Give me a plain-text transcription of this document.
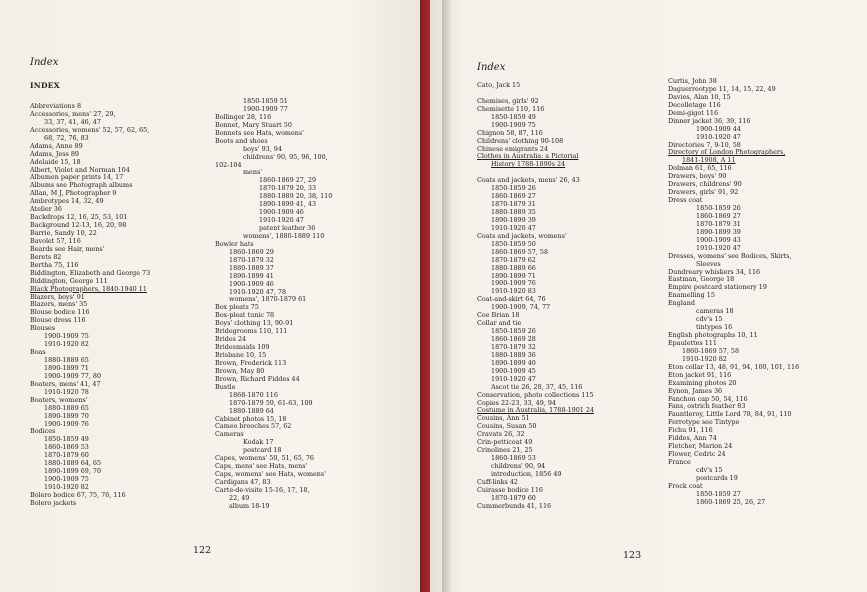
Index
INDEX
Abbreviations 8
Accessories, mens' 27, 29,
33, 37, 41, 46, 47
Accessories, womens' 52, 57, 62, 65,
68, 72, 76, 83
Adams, Anne 89
Adams, Jess 89
Adelaide 15, 18
Albert, Violet and Norman 104
Albumen paper prints 14, 17
Albums see Photograph albums
Allan, M J, Photographer 9
Ambrotypes 14, 32, 49
Atelier 36
Backdrops 12, 16, 25, 53, 101
Background 12-13, 16, 20, 98
Barrie, Sandy 10, 22
Bavolet 57, 116
Beards see Hair, mens'
Berets 82
Bertha 75, 116
Biddington, Elizabeth and George 73
Biddington, George 111
Black Photographers, 1840-1940 11
Blazers, boys' 91
Blazers, mens' 35
Blouse bodice 116
Blouse dress 116
Blouses
1900-1909 75
1910-1920 82
Boas
1880-1889 65
1890-1899 71
1900-1909 77, 80
Boaters, mens' 41, 47
1910-1920 78
Boaters, womens'
1880-1889 65
1890-1899 70
1900-1909 76
Bodices
1850-1859 49
1860-1869 53
1870-1879 60
1880-1889 64, 65
1890-1899 69, 70
1900-1909 75
1910-1920 82
Bolero bodice 67, 75, 76, 116
Bolero jackets
1850-1859 51
1900-1909 77
Bollinger 28, 116
Bonnet, Mary Stuart 50
Bonnets see Hats, womens'
Boots and shoes
boys' 93, 94
childrens' 90, 95, 96, 100,
102-104
mens'
1860-1869 27, 29
1870-1879 20, 33
1880-1889 20, 38, 110
1890-1899 41, 43
1900-1909 46
1910-1920 47
patent leather 36
womens', 1880-1889 110
Bowler hats
1860-1869 29
1870-1879 32
1880-1889 37
1890-1899 41
1900-1909 46
1910-1920 47, 78
womens', 1870-1879 61
Box pleats 75
Box-pleat tunic 78
Boys' clothing 13, 90-91
Bridegrooms 110, 111
Brides 24
Bridesmaids 109
Brisbane 10, 15
Brown, Frederick 113
Brown, May 80
Brown, Richard Fiddes 44
Bustle
1868-1870 116
1870-1879 59, 61-63, 109
1880-1889 64
Cabinet photos 15, 18
Cameo brooches 57, 62
Cameras
Kodak 17
postcard 18
Capes, womens' 50, 51, 65, 76
Caps, mens' see Hats, mens'
Caps, womens' see Hats, womens'
Cardigans 47, 83
Carte-de-visite 15-16, 17, 18,
22, 49
album 18-19
122
Index
Cato, Jack 15
Chemises, girls' 92
Chemisette 110, 116
1850-1859 49
1900-1909 75
Chignon 58, 87, 116
Childrens' clothing 90-108
Chinese emigrants 24
Clothes in Australia: a Pictorial
History 1788-1890s 24
Coats and jackets, mens' 26, 43
1850-1859 26
1860-1869 27
1870-1879 31
1880-1889 35
1890-1899 39
1910-1920 47
Coats and jackets, womens'
1850-1859 50
1860-1869 57, 58
1870-1879 62
1880-1889 66
1890-1899 71
1900-1909 76
1910-1920 83
Coat-and-skirt 64, 76
1900-1909, 74, 77
Coe Brian 18
Collar and tie
1850-1859 26
1860-1869 28
1870-1879 32
1880-1889 36
1890-1899 40
1900-1909 45
1910-1920 47
Ascot tie 26, 28, 37, 45, 116
Conservation, photo collections 115
Copies 22-23, 33, 49, 94
Costume in Australia, 1788-1901 24
Cousins, Ann 51
Cousins, Susan 50
Cravats 26, 32
Crin-petticoat 49
Crinolines 21, 25
1860-1869 53
childrens' 90, 94
introduction, 1856 49
Cuff-links 42
Cuirasse bodice 116
1870-1879 60
Cummerbunds 41, 116
Curtis, John 38
Daguerreotype 11, 14, 15, 22, 49
Davies, Alan 10, 15
Decolletage 116
Demi-gigot 116
Dinner jacket 36, 39, 116
1900-1909 44
1910-1920 47
Directories 7, 9-10, 58
Directory of London Photographers,
1841-1908, A 11
Dolman 61, 65, 116
Drawers, boys' 90
Drawers, childrens' 90
Drawers, girls' 91, 92
Dress coat
1850-1859 26
1860-1869 27
1870-1879 31
1890-1899 39
1900-1909 43
1910-1920 47
Dresses, womens' see Bodices, Skirts,
Sleeves
Dundreary whiskers 34, 116
Eastman, George 18
Empire postcard stationery 19
Enamelling 15
England
cameras 18
cdv's 15
tintypes 16
English photographs 10, 11
Epaulettes 111
1860-1869 57, 58
1910-1920 82
Eton collar 13, 48, 91, 94, 100, 101, 116
Eton jacket 91, 116
Examining photos 20
Eynon, James 36
Fanchon cap 50, 54, 116
Fans, ostrich feather 83
Fauntleroy, Little Lord 78, 84, 91, 110
Ferrotype see Tintype
Fichu 91, 116
Fiddes, Ann 74
Fletcher, Marion 24
Flower, Cedric 24
France
cdv's 15
postcards 19
Frock coat
1850-1859 27
1860-1869 25, 26, 27
123
